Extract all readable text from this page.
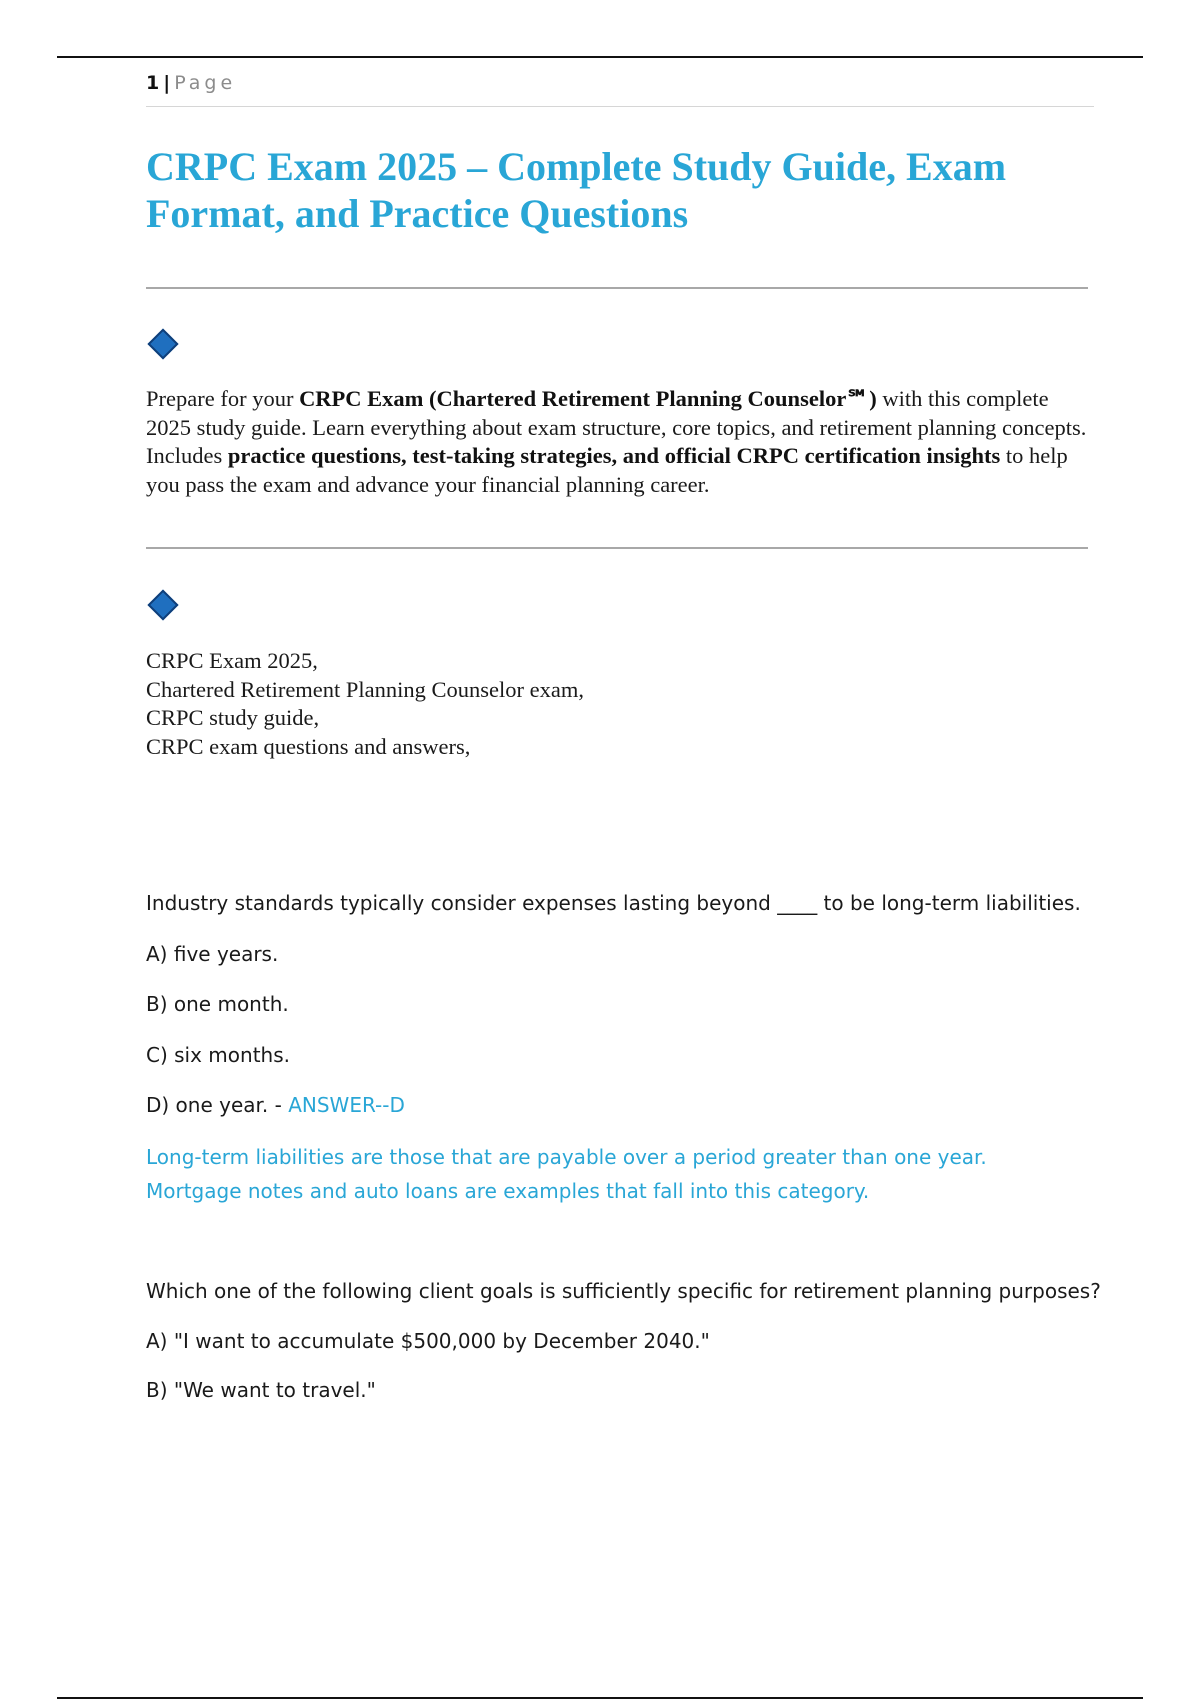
1 | Page
CRPC Exam 2025 – Complete Study Guide, Exam Format, and Practice Questions

Prepare for your CRPC Exam (Chartered Retirement Planning Counselor℠) with this complete 2025 study guide. Learn everything about exam structure, core topics, and retirement planning concepts. Includes practice questions, test-taking strategies, and official CRPC certification insights to help you pass the exam and advance your financial planning career.

CRPC Exam 2025,
Chartered Retirement Planning Counselor exam,
CRPC study guide,
CRPC exam questions and answers,

Industry standards typically consider expenses lasting beyond ____ to be long-term liabilities.

A) five years.

B) one month.

C) six months.

D) one year. - ANSWER--D

Long-term liabilities are those that are payable over a period greater than one year. Mortgage notes and auto loans are examples that fall into this category.

Which one of the following client goals is sufficiently specific for retirement planning purposes?

A) "I want to accumulate $500,000 by December 2040."

B) "We want to travel."
